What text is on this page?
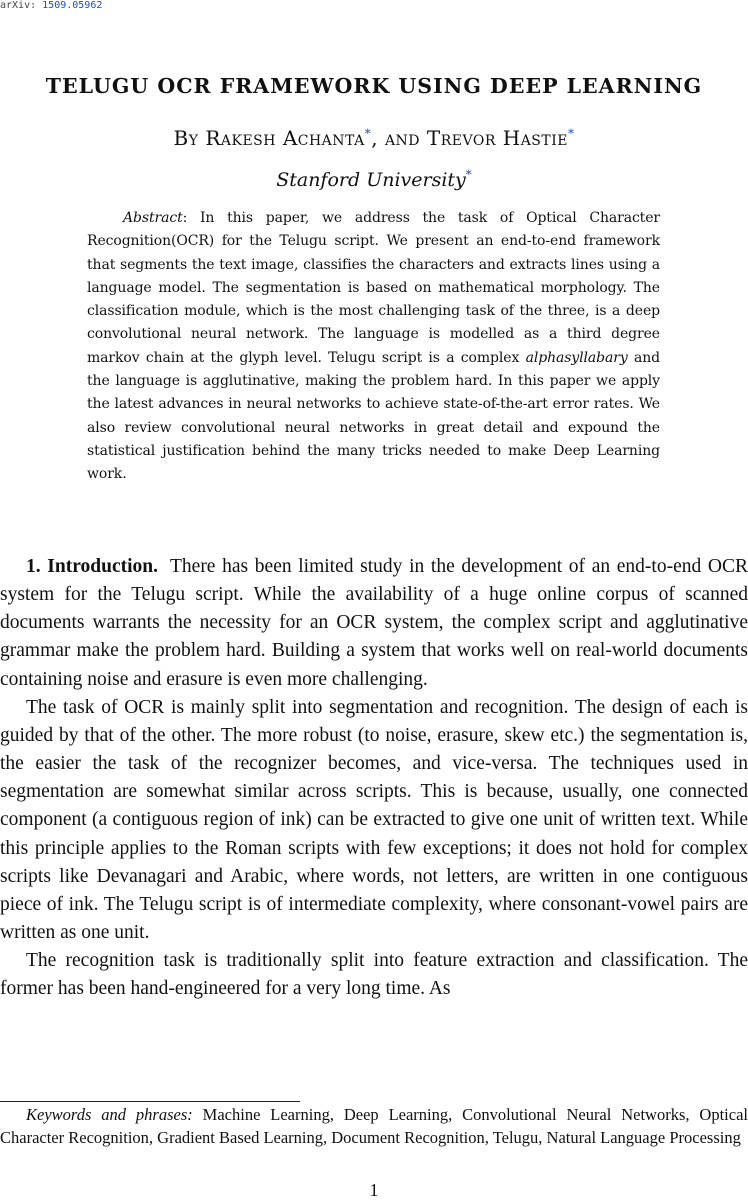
arXiv: 1509.05962
TELUGU OCR FRAMEWORK USING DEEP LEARNING
By Rakesh Achanta*, and Trevor Hastie*
Stanford University*

Abstract: In this paper, we address the task of Optical Character Recognition(OCR) for the Telugu script. We present an end-to-end framework that segments the text image, classifies the characters and extracts lines using a language model. The segmentation is based on mathematical morphology. The classification module, which is the most challenging task of the three, is a deep convolutional neural network. The language is modelled as a third degree markov chain at the glyph level. Telugu script is a complex alphasyllabary and the language is agglutinative, making the problem hard. In this paper we apply the latest advances in neural networks to achieve state-of-the-art error rates. We also review convolutional neural networks in great detail and expound the statistical justification behind the many tricks needed to make Deep Learning work.

1. Introduction. There has been limited study in the development of an end-to-end OCR system for the Telugu script. While the availability of a huge online corpus of scanned documents warrants the necessity for an OCR system, the complex script and agglutinative grammar make the problem hard. Building a system that works well on real-world documents containing noise and erasure is even more challenging.

The task of OCR is mainly split into segmentation and recognition. The design of each is guided by that of the other. The more robust (to noise, erasure, skew etc.) the segmentation is, the easier the task of the recognizer becomes, and vice-versa. The techniques used in segmentation are somewhat similar across scripts. This is because, usually, one connected component (a contiguous region of ink) can be extracted to give one unit of written text. While this principle applies to the Roman scripts with few exceptions; it does not hold for complex scripts like Devanagari and Arabic, where words, not letters, are written in one contiguous piece of ink. The Telugu script is of intermediate complexity, where consonant-vowel pairs are written as one unit.

The recognition task is traditionally split into feature extraction and classification. The former has been hand-engineered for a very long time. As

Keywords and phrases: Machine Learning, Deep Learning, Convolutional Neural Networks, Optical Character Recognition, Gradient Based Learning, Document Recognition, Telugu, Natural Language Processing

1
